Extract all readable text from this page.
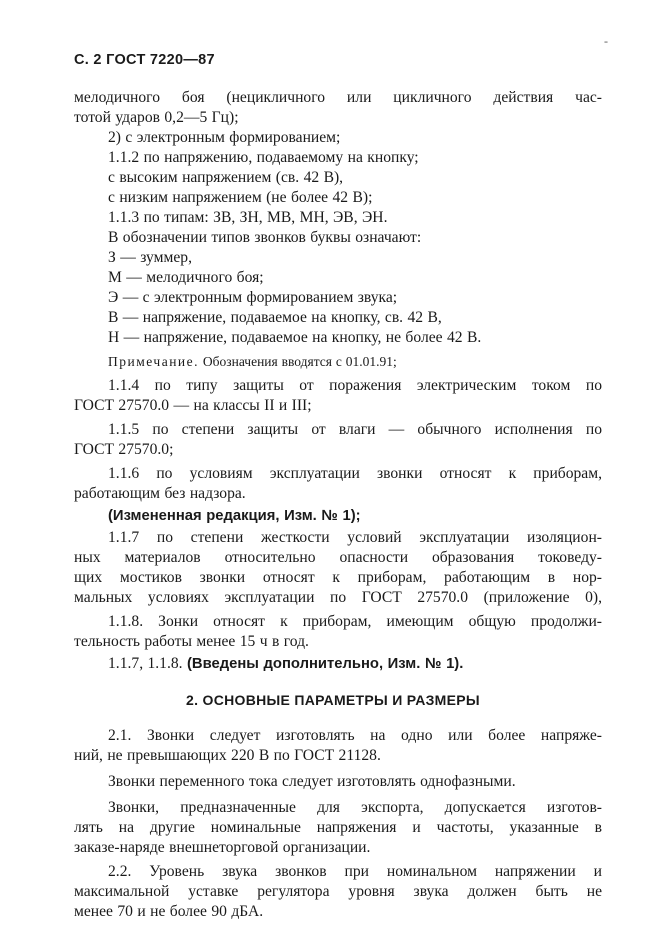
С. 2 ГОСТ 7220—87
-
мелодичного боя (нецикличного или цикличного действия час-
тотой ударов 0,2—5 Гц);
2) с электронным формированием;
1.1.2 по напряжению, подаваемому на кнопку;
с высоким напряжением (св. 42 В),
с низким напряжением (не более 42 В);
1.1.3 по типам: ЗВ, ЗН, МВ, МН, ЭВ, ЭН.
В обозначении типов звонков буквы означают:
З — зуммер,
М — мелодичного боя;
Э — с электронным формированием звука;
В — напряжение, подаваемое на кнопку, св. 42 В,
Н — напряжение, подаваемое на кнопку, не более 42 В.
Примечание. Обозначения вводятся с 01.01.91;
1.1.4 по типу защиты от поражения электрическим током по
ГОСТ 27570.0 — на классы II и III;
1.1.5 по степени защиты от влаги — обычного исполнения по
ГОСТ 27570.0;
1.1.6 по условиям эксплуатации звонки относят к приборам,
работающим без надзора.
(Измененная редакция, Изм. № 1);
1.1.7 по степени жесткости условий эксплуатации изоляцион-
ных материалов относительно опасности образования токоведу-
щих мостиков звонки относят к приборам, работающим в нор-
мальных условиях эксплуатации по ГОСТ 27570.0 (приложение 0),
1.1.8. Зонки относят к приборам, имеющим общую продолжи-
тельность работы менее 15 ч в год.
1.1.7, 1.1.8. (Введены дополнительно, Изм. № 1).
2. ОСНОВНЫЕ ПАРАМЕТРЫ И РАЗМЕРЫ
2.1. Звонки следует изготовлять на одно или более напряже-
ний, не превышающих 220 В по ГОСТ 21128.
Звонки переменного тока следует изготовлять однофазными.
Звонки, предназначенные для экспорта, допускается изготов-
лять на другие номинальные напряжения и частоты, указанные в
заказе-наряде внешнеторговой организации.
2.2. Уровень звука звонков при номинальном напряжении и
максимальной уставке регулятора уровня звука должен быть не
менее 70 и не более 90 дБА.
